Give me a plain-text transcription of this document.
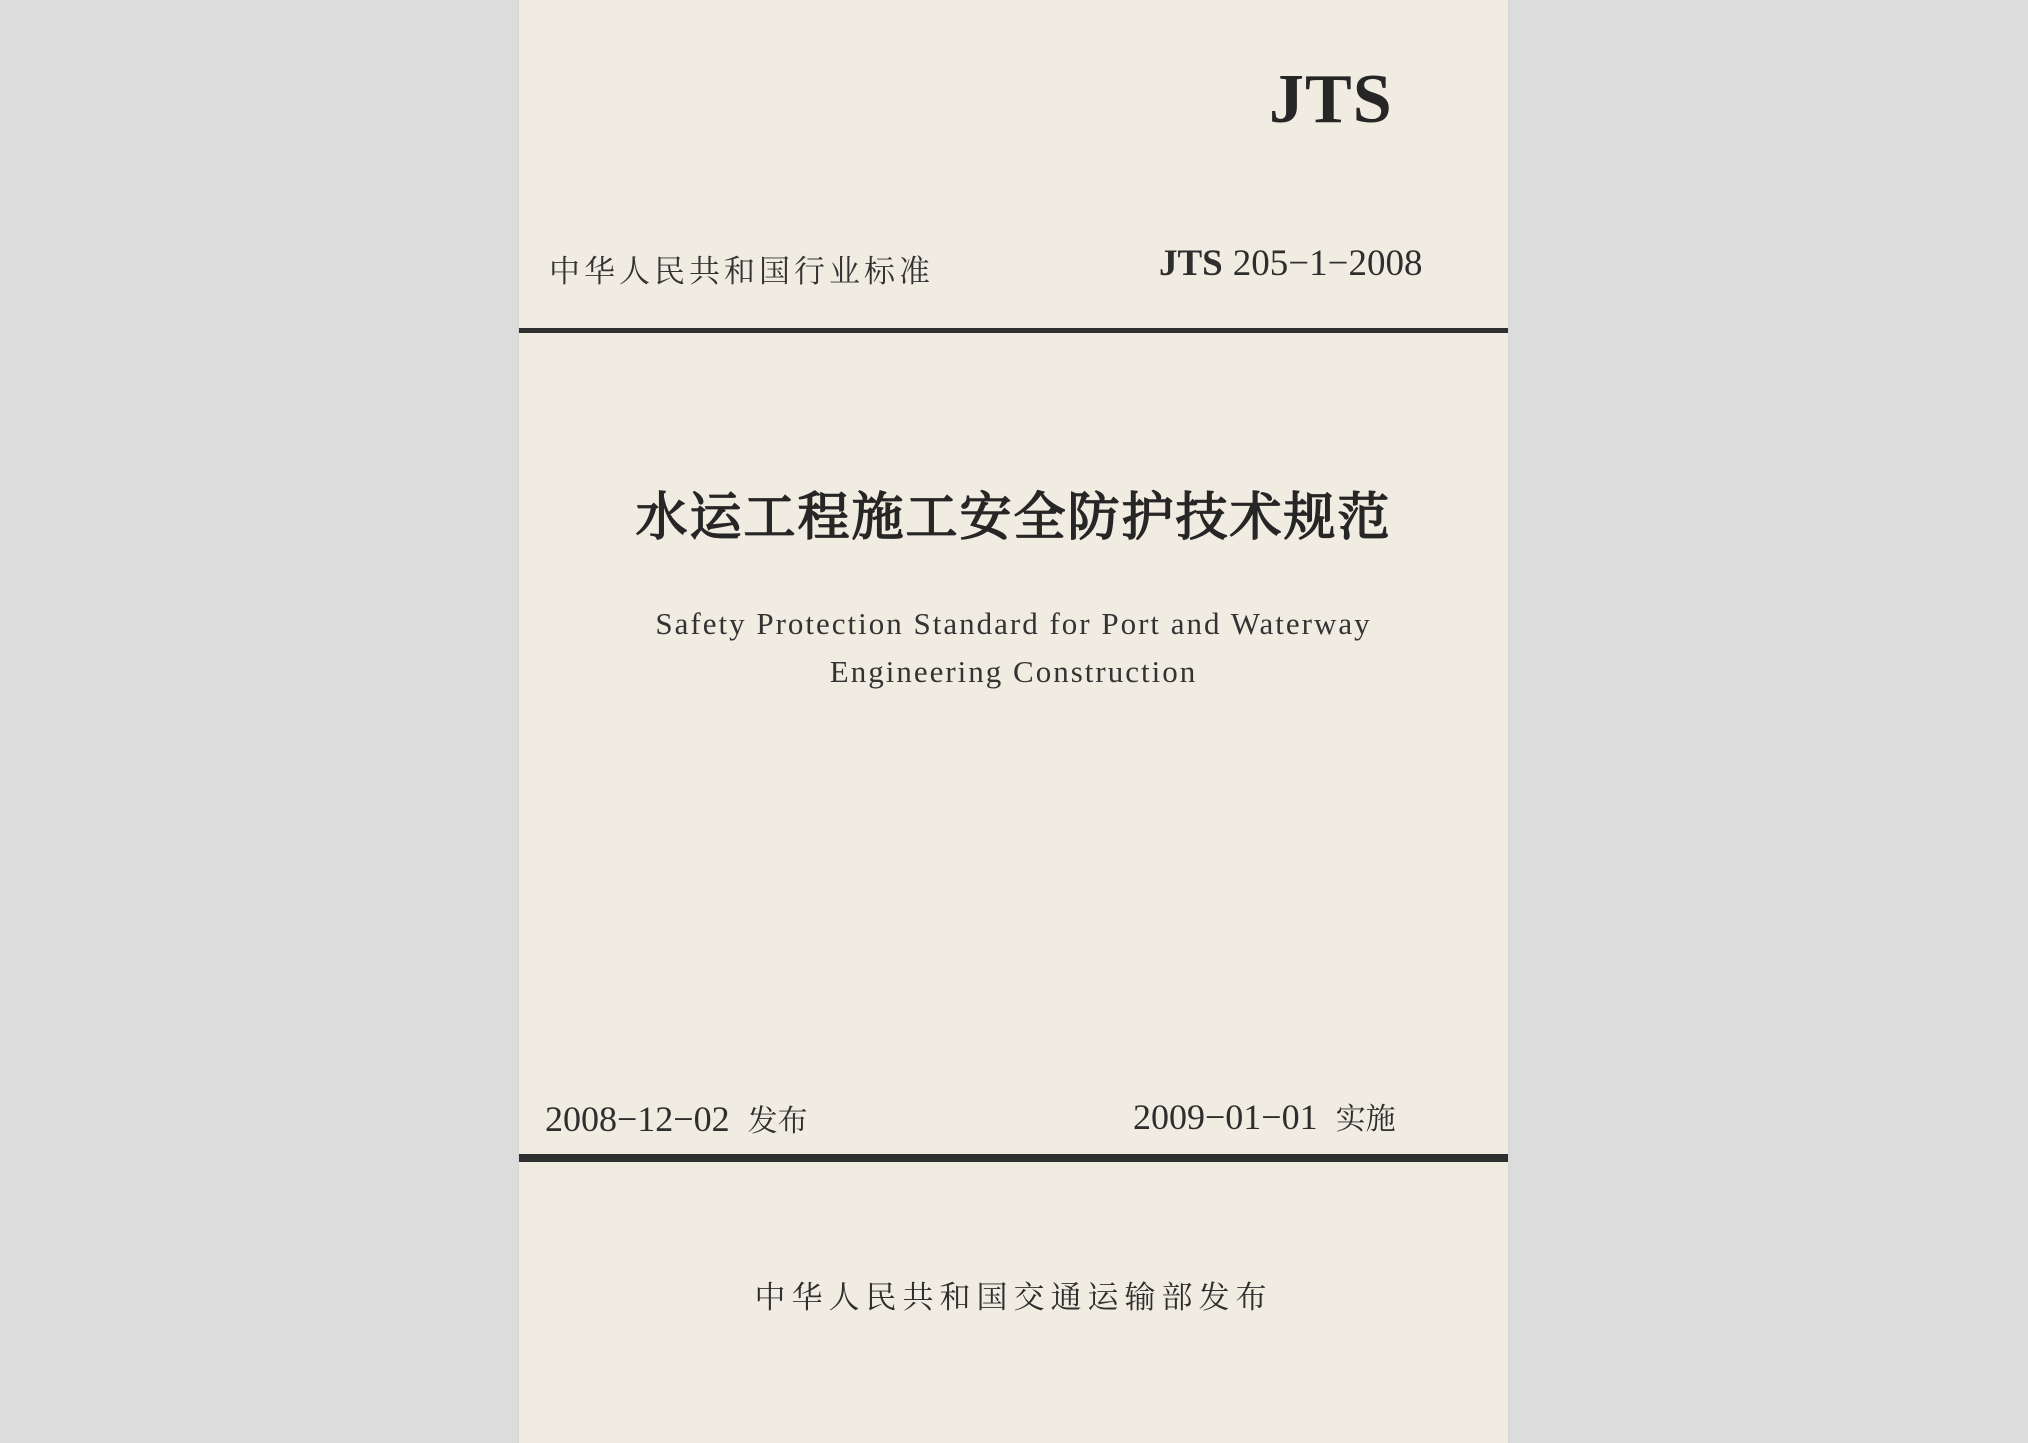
JTS
中华人民共和国行业标准	JTS 205−1−2008
水运工程施工安全防护技术规范
Safety Protection Standard for Port and Waterway
Engineering Construction
2008−12−02 发布	2009−01−01 实施
中华人民共和国交通运输部发布
